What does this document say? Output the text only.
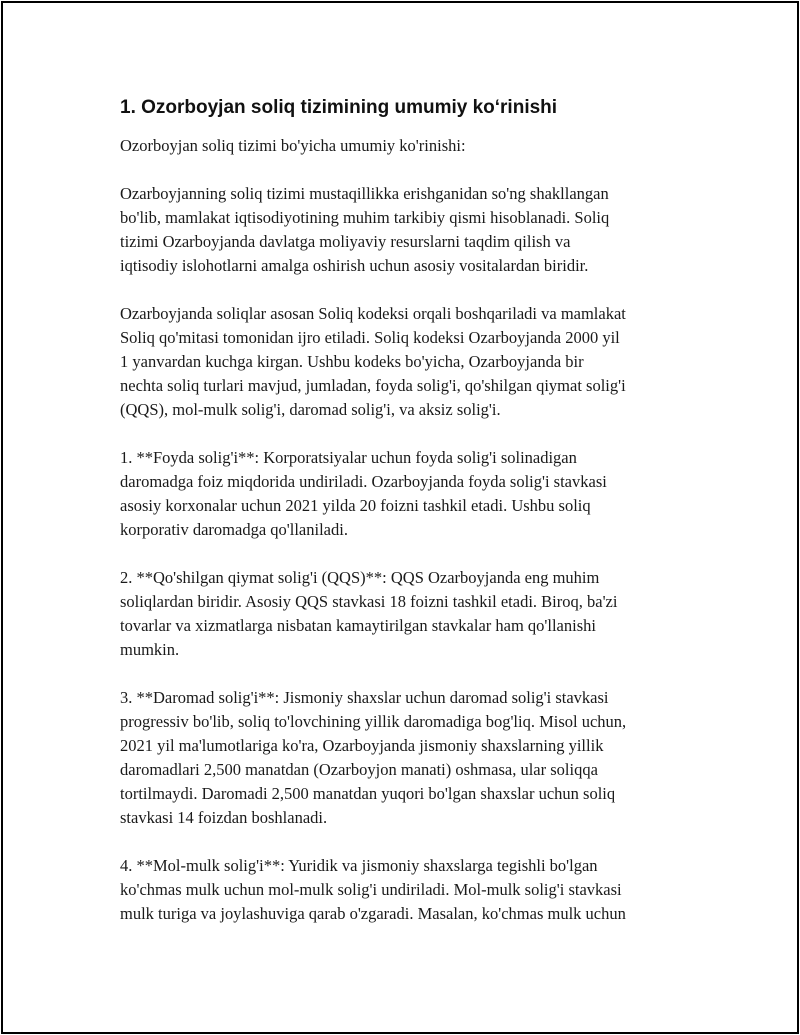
1. Ozorboyjan soliq tizimining umumiy ko‘rinishi

Ozorboyjan soliq tizimi bo'yicha umumiy ko'rinishi:

Ozarboyjanning soliq tizimi mustaqillikka erishganidan so'ng shakllangan
bo'lib, mamlakat iqtisodiyotining muhim tarkibiy qismi hisoblanadi. Soliq
tizimi Ozarboyjanda davlatga moliyaviy resurslarni taqdim qilish va
iqtisodiy islohotlarni amalga oshirish uchun asosiy vositalardan biridir.

Ozarboyjanda soliqlar asosan Soliq kodeksi orqali boshqariladi va mamlakat
Soliq qo'mitasi tomonidan ijro etiladi. Soliq kodeksi Ozarboyjanda 2000 yil
1 yanvardan kuchga kirgan. Ushbu kodeks bo'yicha, Ozarboyjanda bir
nechta soliq turlari mavjud, jumladan, foyda solig'i, qo'shilgan qiymat solig'i
(QQS), mol-mulk solig'i, daromad solig'i, va aksiz solig'i.

1. **Foyda solig'i**: Korporatsiyalar uchun foyda solig'i solinadigan
daromadga foiz miqdorida undiriladi. Ozarboyjanda foyda solig'i stavkasi
asosiy korxonalar uchun 2021 yilda 20 foizni tashkil etadi. Ushbu soliq
korporativ daromadga qo'llaniladi.

2. **Qo'shilgan qiymat solig'i (QQS)**: QQS Ozarboyjanda eng muhim
soliqlardan biridir. Asosiy QQS stavkasi 18 foizni tashkil etadi. Biroq, ba'zi
tovarlar va xizmatlarga nisbatan kamaytirilgan stavkalar ham qo'llanishi
mumkin.

3. **Daromad solig'i**: Jismoniy shaxslar uchun daromad solig'i stavkasi
progressiv bo'lib, soliq to'lovchining yillik daromadiga bog'liq. Misol uchun,
2021 yil ma'lumotlariga ko'ra, Ozarboyjanda jismoniy shaxslarning yillik
daromadlari 2,500 manatdan (Ozarboyjon manati) oshmasa, ular soliqqa
tortilmaydi. Daromadi 2,500 manatdan yuqori bo'lgan shaxslar uchun soliq
stavkasi 14 foizdan boshlanadi.

4. **Mol-mulk solig'i**: Yuridik va jismoniy shaxslarga tegishli bo'lgan
ko'chmas mulk uchun mol-mulk solig'i undiriladi. Mol-mulk solig'i stavkasi
mulk turiga va joylashuviga qarab o'zgaradi. Masalan, ko'chmas mulk uchun
